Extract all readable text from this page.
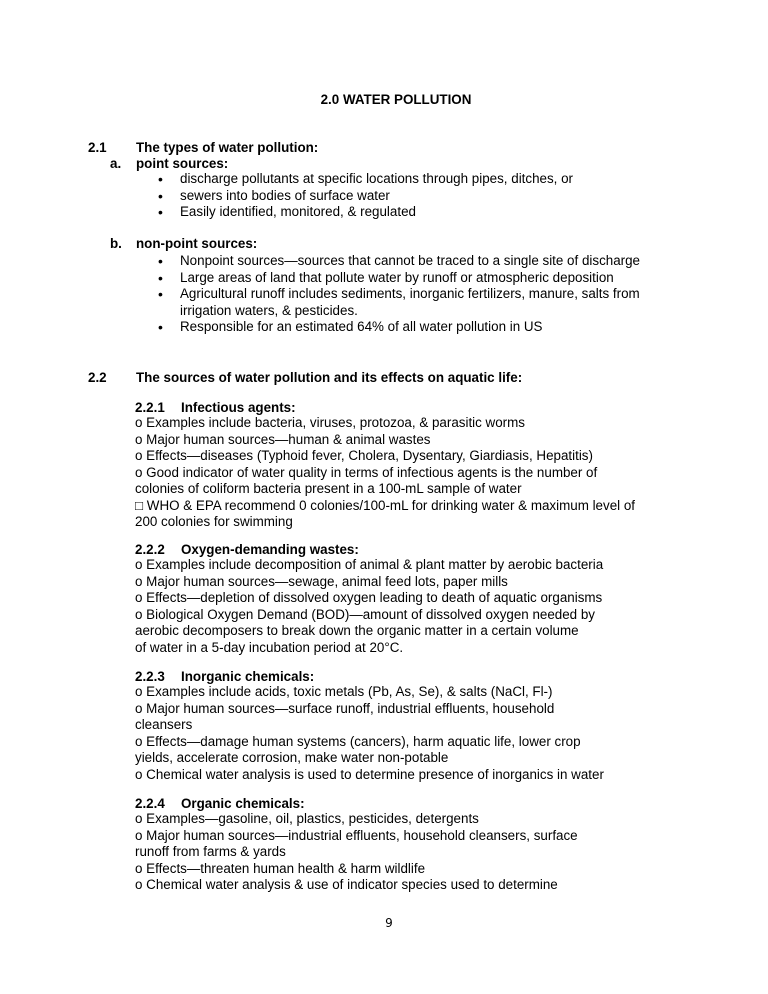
2.0 WATER POLLUTION
2.1 The types of water pollution:
a. point sources:
• discharge pollutants at specific locations through pipes, ditches, or
• sewers into bodies of surface water
• Easily identified, monitored, & regulated
b. non-point sources:
• Nonpoint sources—sources that cannot be traced to a single site of discharge
• Large areas of land that pollute water by runoff or atmospheric deposition
• Agricultural runoff includes sediments, inorganic fertilizers, manure, salts from
irrigation waters, & pesticides.
• Responsible for an estimated 64% of all water pollution in US
2.2 The sources of water pollution and its effects on aquatic life:
2.2.1 Infectious agents:
o Examples include bacteria, viruses, protozoa, & parasitic worms
o Major human sources—human & animal wastes
o Effects—diseases (Typhoid fever, Cholera, Dysentary, Giardiasis, Hepatitis)
o Good indicator of water quality in terms of infectious agents is the number of
colonies of coliform bacteria present in a 100-mL sample of water
□ WHO & EPA recommend 0 colonies/100-mL for drinking water & maximum level of
200 colonies for swimming
2.2.2 Oxygen-demanding wastes:
o Examples include decomposition of animal & plant matter by aerobic bacteria
o Major human sources—sewage, animal feed lots, paper mills
o Effects—depletion of dissolved oxygen leading to death of aquatic organisms
o Biological Oxygen Demand (BOD)—amount of dissolved oxygen needed by
aerobic decomposers to break down the organic matter in a certain volume
of water in a 5-day incubation period at 20°C.
2.2.3 Inorganic chemicals:
o Examples include acids, toxic metals (Pb, As, Se), & salts (NaCl, Fl-)
o Major human sources—surface runoff, industrial effluents, household
cleansers
o Effects—damage human systems (cancers), harm aquatic life, lower crop
yields, accelerate corrosion, make water non-potable
o Chemical water analysis is used to determine presence of inorganics in water
2.2.4 Organic chemicals:
o Examples—gasoline, oil, plastics, pesticides, detergents
o Major human sources—industrial effluents, household cleansers, surface
runoff from farms & yards
o Effects—threaten human health & harm wildlife
o Chemical water analysis & use of indicator species used to determine
9
